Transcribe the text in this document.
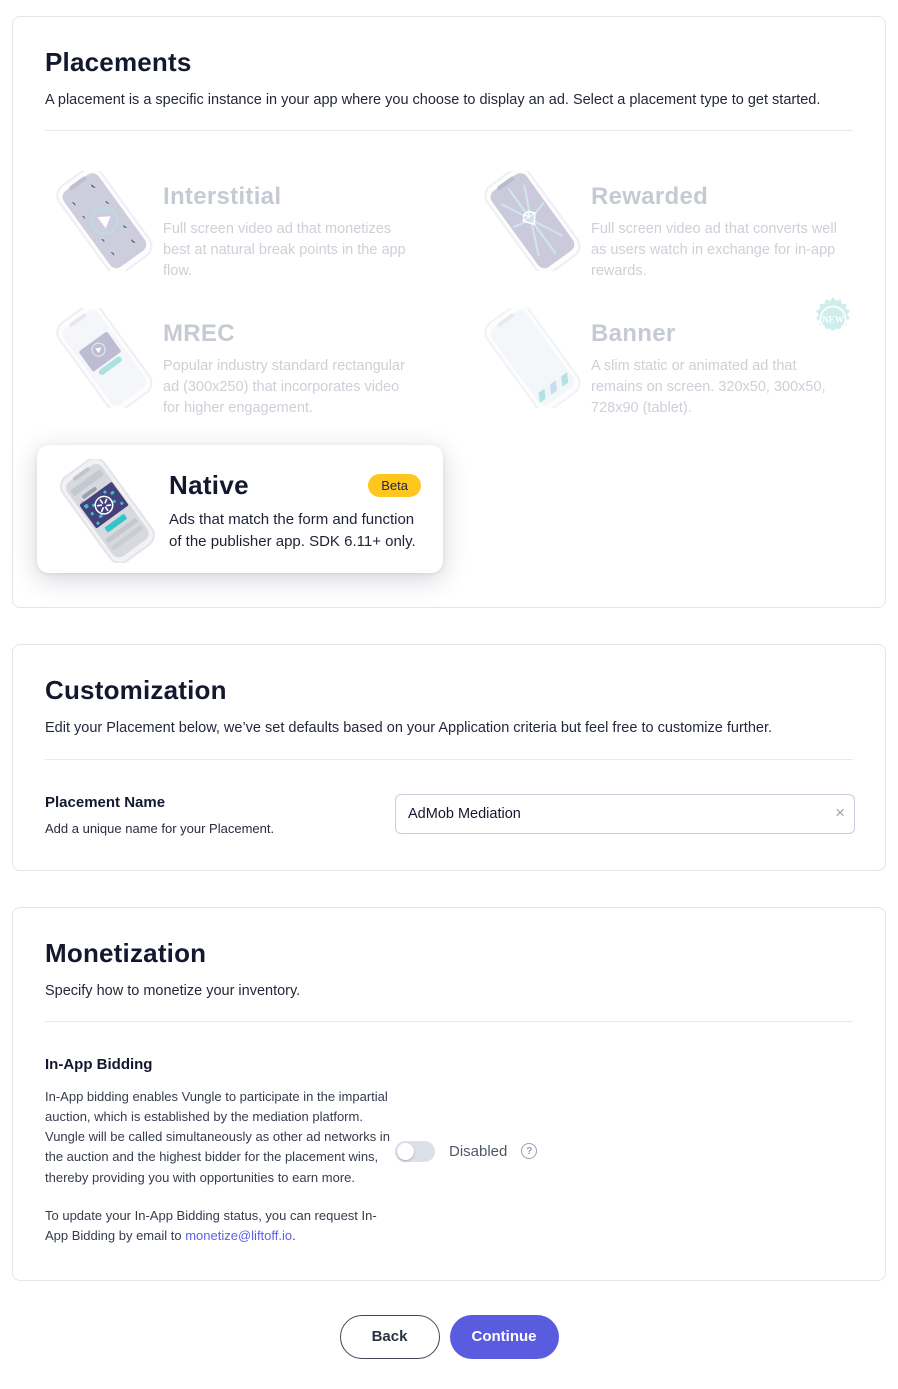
Placements

A placement is a specific instance in your app where you choose to display an ad. Select a placement type to get started.

Interstitial

Full screen video ad that monetizes best at natural break points in the app flow.

Rewarded

Full screen video ad that converts well as users watch in exchange for in-app rewards.

MREC

Popular industry standard rectangular ad (300x250) that incorporates video for higher engagement.

Banner

A slim static or animated ad that remains on screen. 320x50, 300x50, 728x90 (tablet).

NEW
Native	Beta

Ads that match the form and function of the publisher app. SDK 6.11+ only.

Customization

Edit your Placement below, we’ve set defaults based on your Application criteria but feel free to customize further.

Placement Name
Add a unique name for your Placement.
AdMob Mediation
×
Monetization

Specify how to monetize your inventory.

In-App Bidding

In-App bidding enables Vungle to participate in the impartial auction, which is established by the mediation platform. Vungle will be called simultaneously as other ad networks in the auction and the highest bidder for the placement wins, thereby providing you with opportunities to earn more.

To update your In-App Bidding status, you can request In-App Bidding by email to monetize@liftoff.io.

Disabled	?
Back	Continue
